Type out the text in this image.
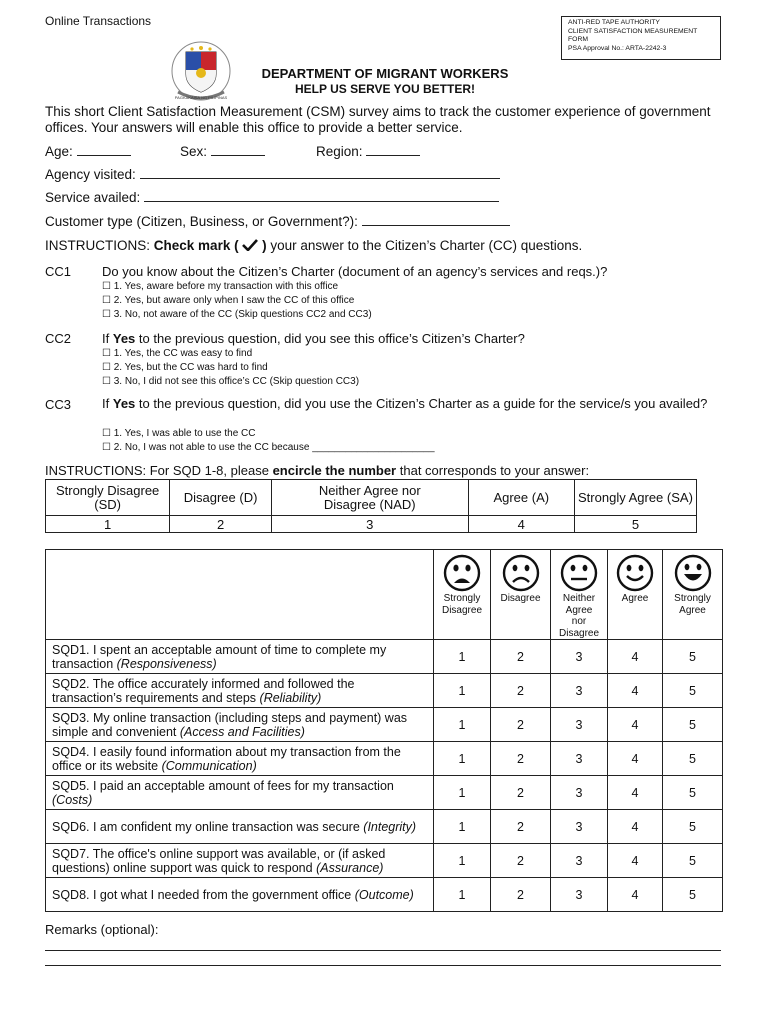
Online Transactions	ANTI-RED TAPE AUTHORITY
CLIENT SATISFACTION MEASUREMENT
FORM
PSA Approval No.: ARTA-2242-3
PAGKAKAISA NG PILIPINAS
DEPARTMENT OF MIGRANT WORKERS
HELP US SERVE YOU BETTER!
This short Client Satisfaction Measurement (CSM) survey aims to track the customer experience of government offices. Your answers will enable this office to provide a better service.
Age:	Sex:	Region:
Agency visited:
Service availed:
Customer type (Citizen, Business, or Government?):
INSTRUCTIONS: Check mark ( ) your answer to the Citizen’s Charter (CC) questions.
CC1 Do you know about the Citizen’s Charter (document of an agency’s services and reqs.)?
☐ 1. Yes, aware before my transaction with this office
☐ 2. Yes, but aware only when I saw the CC of this office
☐ 3. No, not aware of the CC (Skip questions CC2 and CC3)
CC2 If Yes to the previous question, did you see this office’s Citizen’s Charter?
☐ 1. Yes, the CC was easy to find
☐ 2. Yes, but the CC was hard to find
☐ 3. No, I did not see this office’s CC (Skip question CC3)
CC3 If Yes to the previous question, did you use the Citizen’s Charter as a guide for the service/s you availed?
☐ 1. Yes, I was able to use the CC
☐ 2. No, I was not able to use the CC because ______________________
INSTRUCTIONS: For SQD 1-8, please encircle the number that corresponds to your answer:
Strongly Disagree (SD)	Disagree (D)	Neither Agree nor Disagree (NAD)	Agree (A)	Strongly Agree (SA)
1	2	3	4	5

	Strongly Disagree	Disagree	Neither Agree nor Disagree	Agree	Strongly Agree

SQD1. I spent an acceptable amount of time to complete my transaction (Responsiveness)	1	2	3	4	5
SQD2. The office accurately informed and followed the transaction’s requirements and steps (Reliability)	1	2	3	4	5
SQD3. My online transaction (including steps and payment) was simple and convenient (Access and Facilities)	1	2	3	4	5
SQD4. I easily found information about my transaction from the office or its website (Communication)	1	2	3	4	5
SQD5. I paid an acceptable amount of fees for my transaction (Costs)	1	2	3	4	5
SQD6. I am confident my online transaction was secure (Integrity)	1	2	3	4	5
SQD7. The office's online support was available, or (if asked questions) online support was quick to respond (Assurance)	1	2	3	4	5
SQD8. I got what I needed from the government office (Outcome)	1	2	3	4	5
Remarks (optional):
